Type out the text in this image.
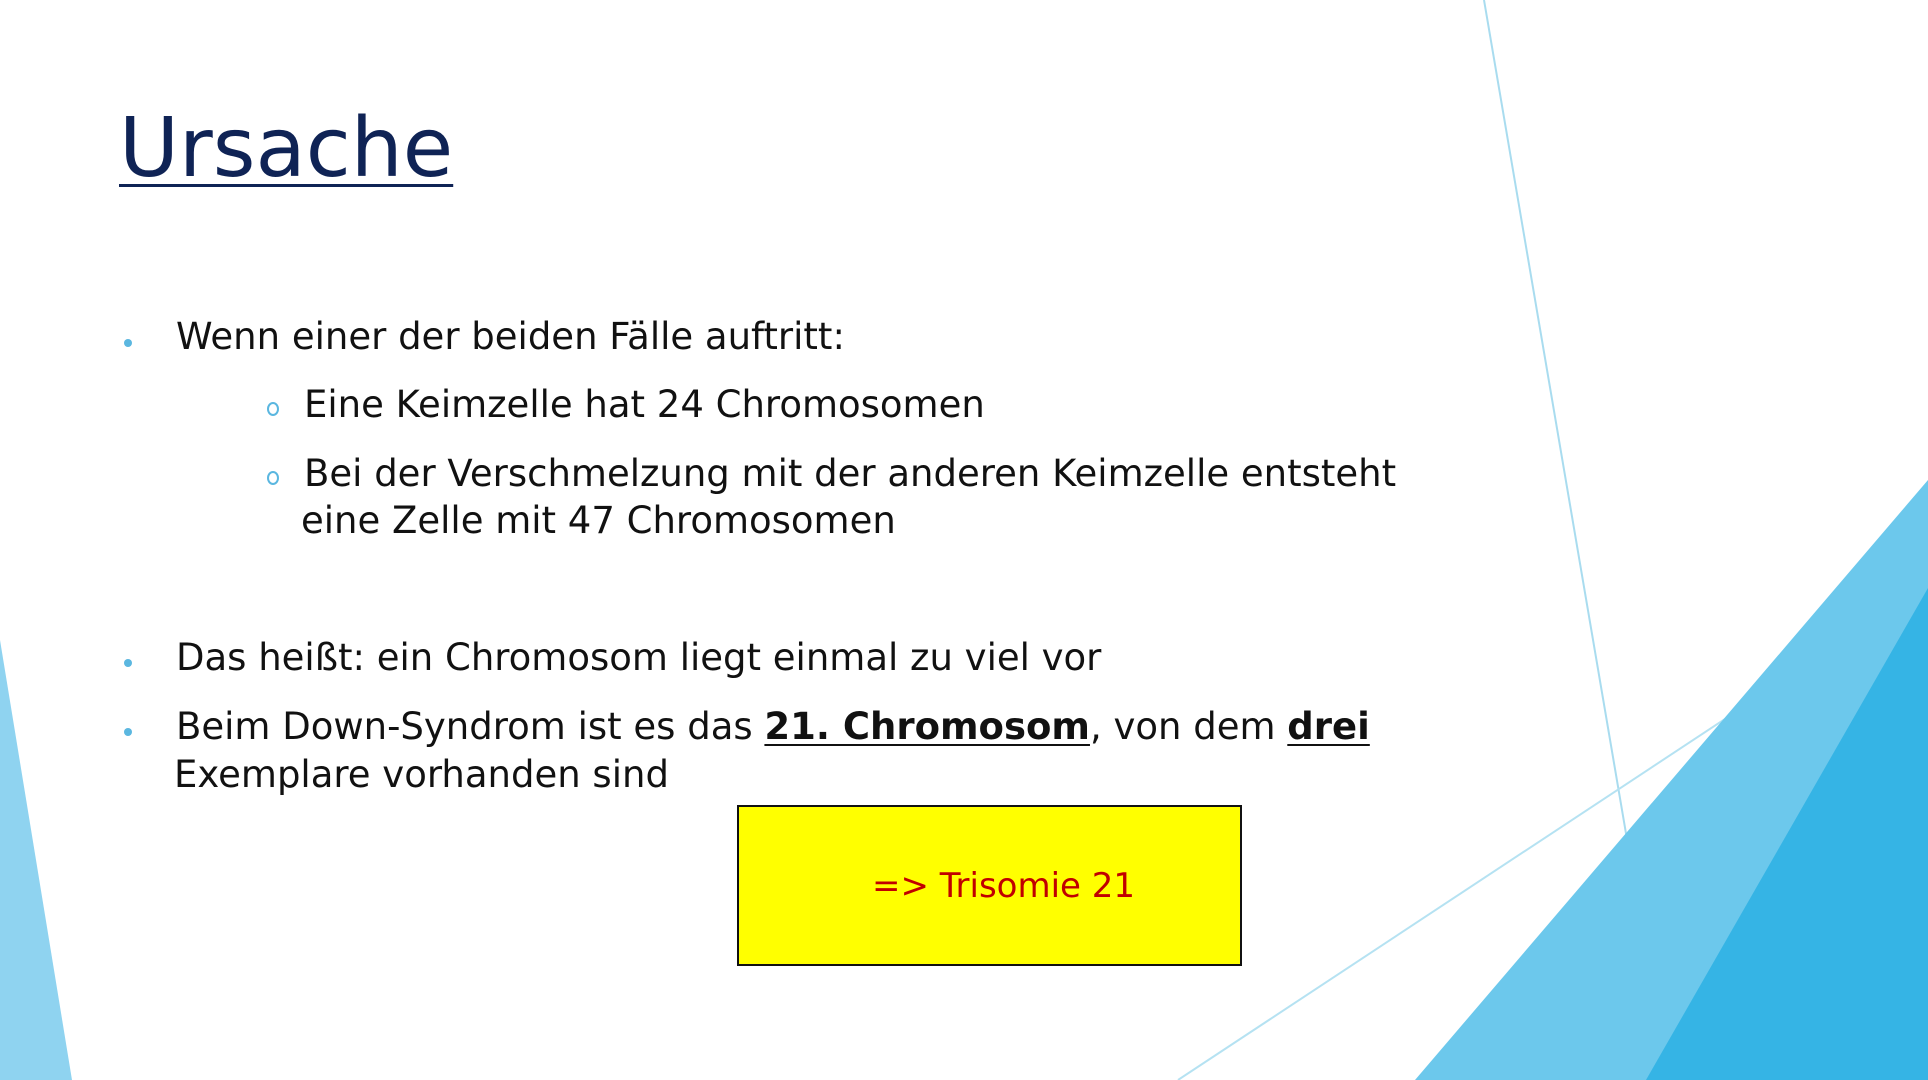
Ursache
Wenn einer der beiden Fälle auftritt:
Eine Keimzelle hat 24 Chromosomen
Bei der Verschmelzung mit der anderen Keimzelle entsteht
eine Zelle mit 47 Chromosomen
Das heißt: ein Chromosom liegt einmal zu viel vor
Beim Down-Syndrom ist es das 21. Chromosom, von dem drei
Exemplare vorhanden sind
=> Trisomie 21
